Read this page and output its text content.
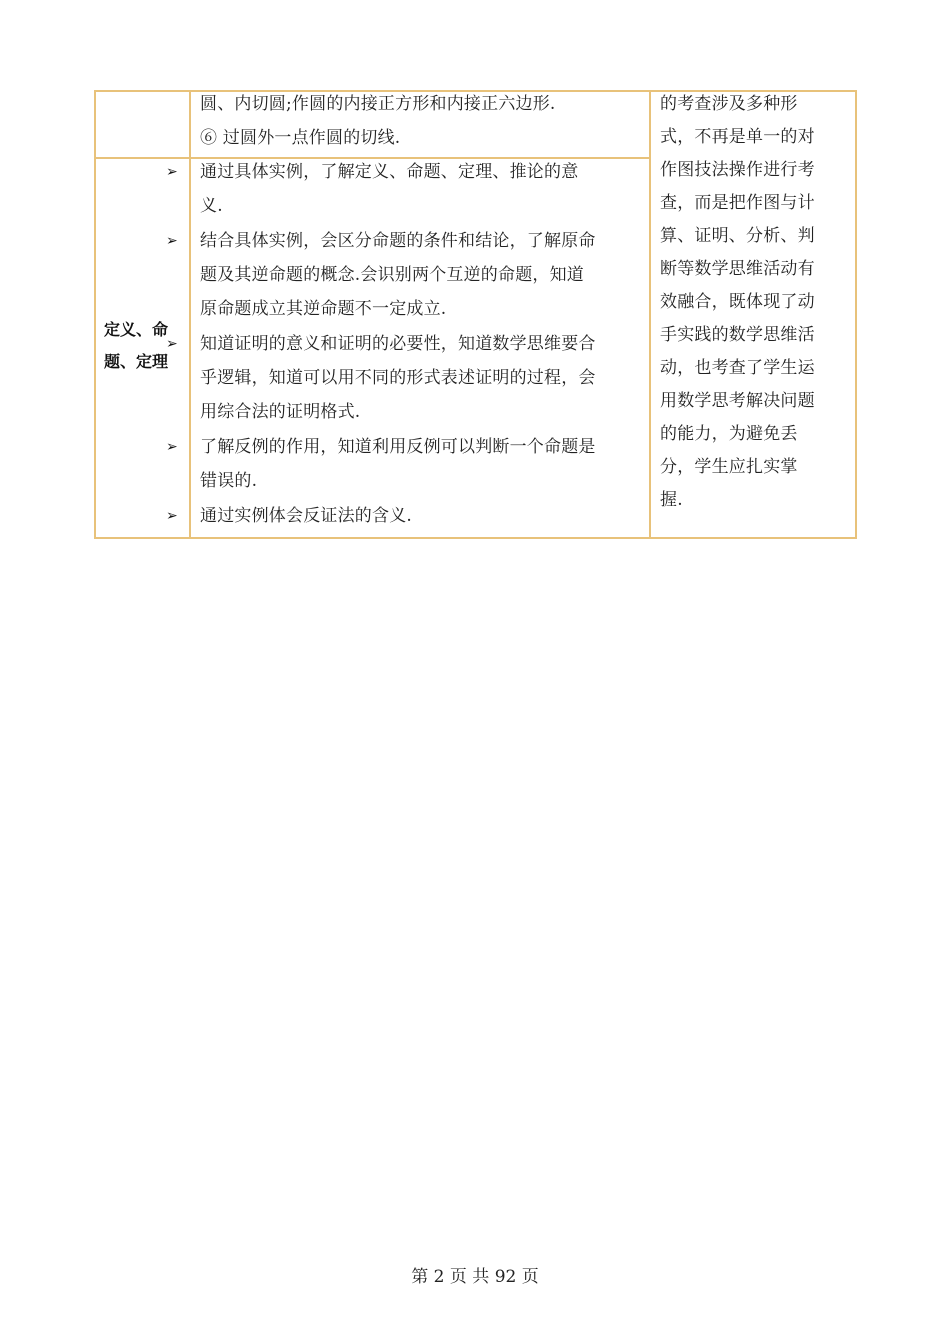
圆、内切圆;作圆的内接正方形和内接正六边形.
⑥ 过圆外一点作圆的切线.
定义、命
题、定理
➢
➢
➢
➢
➢
通过具体实例，了解定义、命题、定理、推论的意
义.
结合具体实例，会区分命题的条件和结论，了解原命
题及其逆命题的概念.会识别两个互逆的命题，知道
原命题成立其逆命题不一定成立.
知道证明的意义和证明的必要性，知道数学思维要合
乎逻辑，知道可以用不同的形式表述证明的过程，会
用综合法的证明格式.
了解反例的作用，知道利用反例可以判断一个命题是
错误的.
通过实例体会反证法的含义.
的考查涉及多种形
式，不再是单一的对
作图技法操作进行考
查，而是把作图与计
算、证明、分析、判
断等数学思维活动有
效融合，既体现了动
手实践的数学思维活
动，也考查了学生运
用数学思考解决问题
的能力，为避免丢
分，学生应扎实掌
握.
第 2 页 共 92 页
